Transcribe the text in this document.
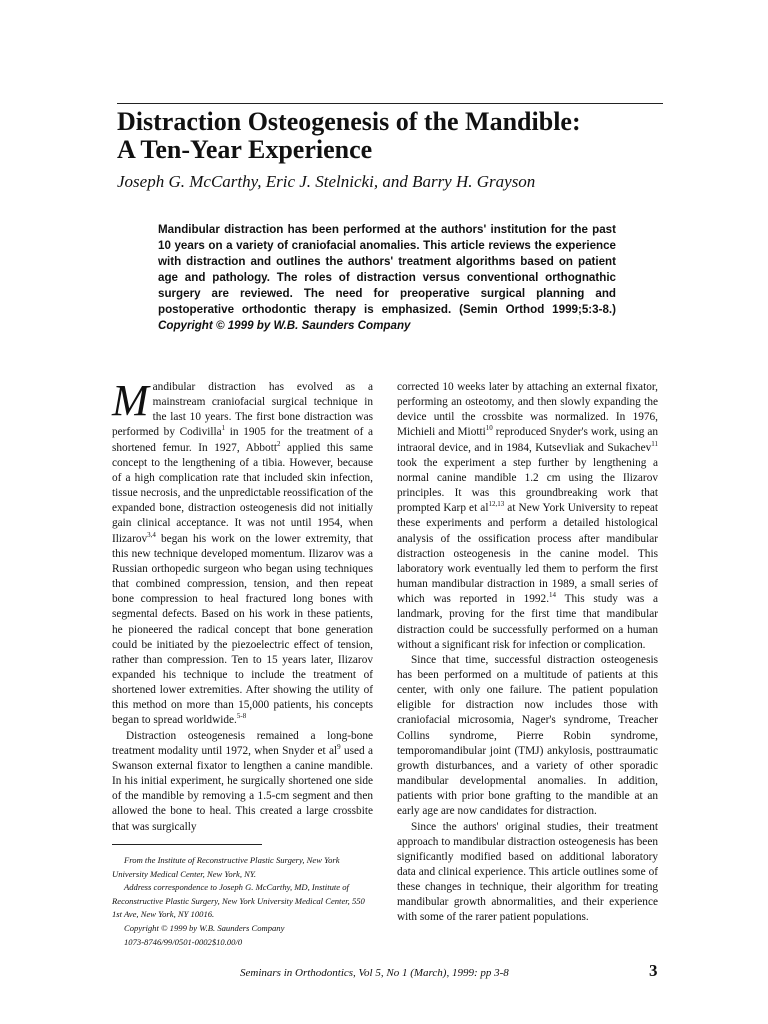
Distraction Osteogenesis of the Mandible:
A Ten-Year Experience

Joseph G. McCarthy, Eric J. Stelnicki, and Barry H. Grayson

Mandibular distraction has been performed at the authors' institution for the past 10 years on a variety of craniofacial anomalies. This article reviews the experience with distraction and outlines the authors' treatment algorithms based on patient age and pathology. The roles of distraction versus conventional orthognathic surgery are reviewed. The need for preoperative surgical planning and postoperative orthodontic therapy is emphasized. (Semin Orthod 1999;5:3-8.) Copyright © 1999 by W.B. Saunders Company

Mandibular distraction has evolved as a mainstream craniofacial surgical technique in the last 10 years. The first bone distraction was performed by Codivilla$^1$ in 1905 for the treatment of a shortened femur. In 1927, Abbott$^2$ applied this same concept to the lengthening of a tibia. However, because of a high complication rate that included skin infection, tissue necrosis, and the unpredictable reossification of the expanded bone, distraction osteogenesis did not initially gain clinical acceptance. It was not until 1954, when Ilizarov$^{3,4}$ began his work on the lower extremity, that this new technique developed momentum. Ilizarov was a Russian orthopedic surgeon who began using techniques that combined compression, tension, and then repeat bone compression to heal fractured long bones with segmental defects. Based on his work in these patients, he pioneered the radical concept that bone generation could be initiated by the piezoelectric effect of tension, rather than compression. Ten to 15 years later, Ilizarov expanded his technique to include the treatment of shortened lower extremities. After showing the utility of this method on more than 15,000 patients, his concepts began to spread worldwide.$^{5-8}$

Distraction osteogenesis remained a long-bone treatment modality until 1972, when Snyder et $al^9$ used a Swanson external fixator to lengthen a canine mandible. In his initial experiment, he surgically shortened one side of the mandible by removing a 1.5-cm segment and then allowed the bone to heal. This created a large crossbite that was surgically

corrected 10 weeks later by attaching an external fixator, performing an osteotomy, and then slowly expanding the device until the crossbite was normalized. In 1976, Michieli and Miotti$^{10}$ reproduced Snyder's work, using an intraoral device, and in 1984, Kutsevliak and Sukachev$^{11}$ took the experiment a step further by lengthening a normal canine mandible 1.2 cm using the Ilizarov principles. It was this groundbreaking work that prompted Karp et al$^{12,13}$ at New York University to repeat these experiments and perform a detailed histological analysis of the ossification process after mandibular distraction osteogenesis in the canine model. This laboratory work eventually led them to perform the first human mandibular distraction in 1989, a small series of which was reported in 1992.14 This study was a landmark, proving for the first time that mandibular distraction could be successfully performed on a human without a significant risk for infection or complication.

Since that time, successful distraction osteogenesis has been performed on a multitude of patients at this center, with only one failure. The patient population eligible for distraction now includes those with craniofacial microsomia, Nager's syndrome, Treacher Collins syndrome, Pierre Robin syndrome, temporomandibular joint (TMJ) ankylosis, posttraumatic growth disturbances, and a variety of other sporadic mandibular developmental anomalies. In addition, patients with prior bone grafting to the mandible at an early age are now candidates for distraction.

Since the authors' original studies, their treatment approach to mandibular distraction osteogenesis has been significantly modified based on additional laboratory data and clinical experience. This article outlines some of these changes in technique, their algorithm for treating mandibular growth abnormalities, and their experience with some of the rarer patient populations.

From the Institute of Reconstructive Plastic Surgery, New York University Medical Center, New York, NY.
Address correspondence to Joseph G. McCarthy, MD, Institute of Reconstructive Plastic Surgery, New York University Medical Center, 550 1st Ave, New York, NY 10016.
Copyright © 1999 by W.B. Saunders Company
1073-8746/99/0501-0002$10.00/0

Seminars in Orthodontics, Vol 5, No 1 (March), 1999: pp 3-8	3
